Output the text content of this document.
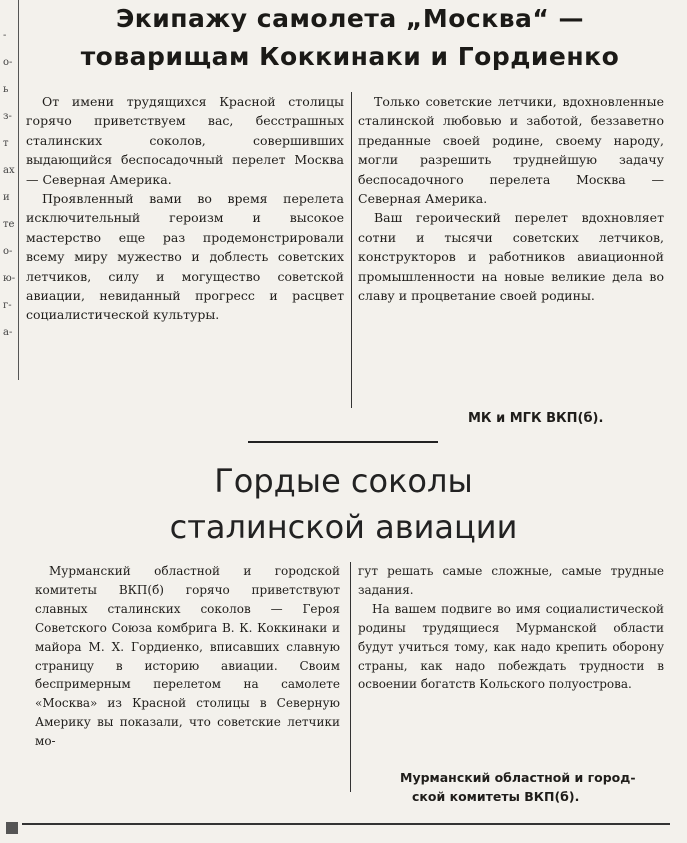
-
о-
ь
з-
т
ах
и
те
о-
ю-
г-
а-
Экипажу самолета „Москва“ —
товарищам Коккинаки и Гордиенко

От имени трудящихся Красной столицы горячо приветствуем вас, бесстрашных сталинских соколов, совершивших выдающийся беспосадочный перелет Москва — Северная Америка.

Проявленный вами во время перелета исключительный героизм и высокое мастерство еще раз продемонстрировали всему миру мужество и доблесть советских летчиков, силу и могущество советской авиации, невиданный прогресс и расцвет социалистической культуры.

Только советские летчики, вдохновленные сталинской любовью и заботой, беззаветно преданные своей родине, своему народу, могли разрешить труднейшую задачу беспосадочного перелета Москва — Северная Америка.

Ваш героический перелет вдохновляет сотни и тысячи советских летчиков, конструкторов и работников авиационной промышленности на новые великие дела во славу и процветание своей родины.

МК и МГК ВКП(б).
Гордые соколы
сталинской авиации

Мурманский областной и городской комитеты ВКП(б) горячо приветствуют славных сталинских соколов — Героя Советского Союза комбрига В. К. Коккинаки и майора М. Х. Гордиенко, вписавших славную страницу в историю авиации. Своим беспримерным перелетом на самолете «Москва» из Красной столицы в Северную Америку вы показали, что советские летчики мо-

гут решать самые сложные, самые трудные задания.

На вашем подвиге во имя социалистической родины трудящиеся Мурманской области будут учиться тому, как надо крепить оборону страны, как надо побеждать трудности в освоении богатств Кольского полуострова.

Мурманский областной и город-
ской комитеты ВКП(б).
